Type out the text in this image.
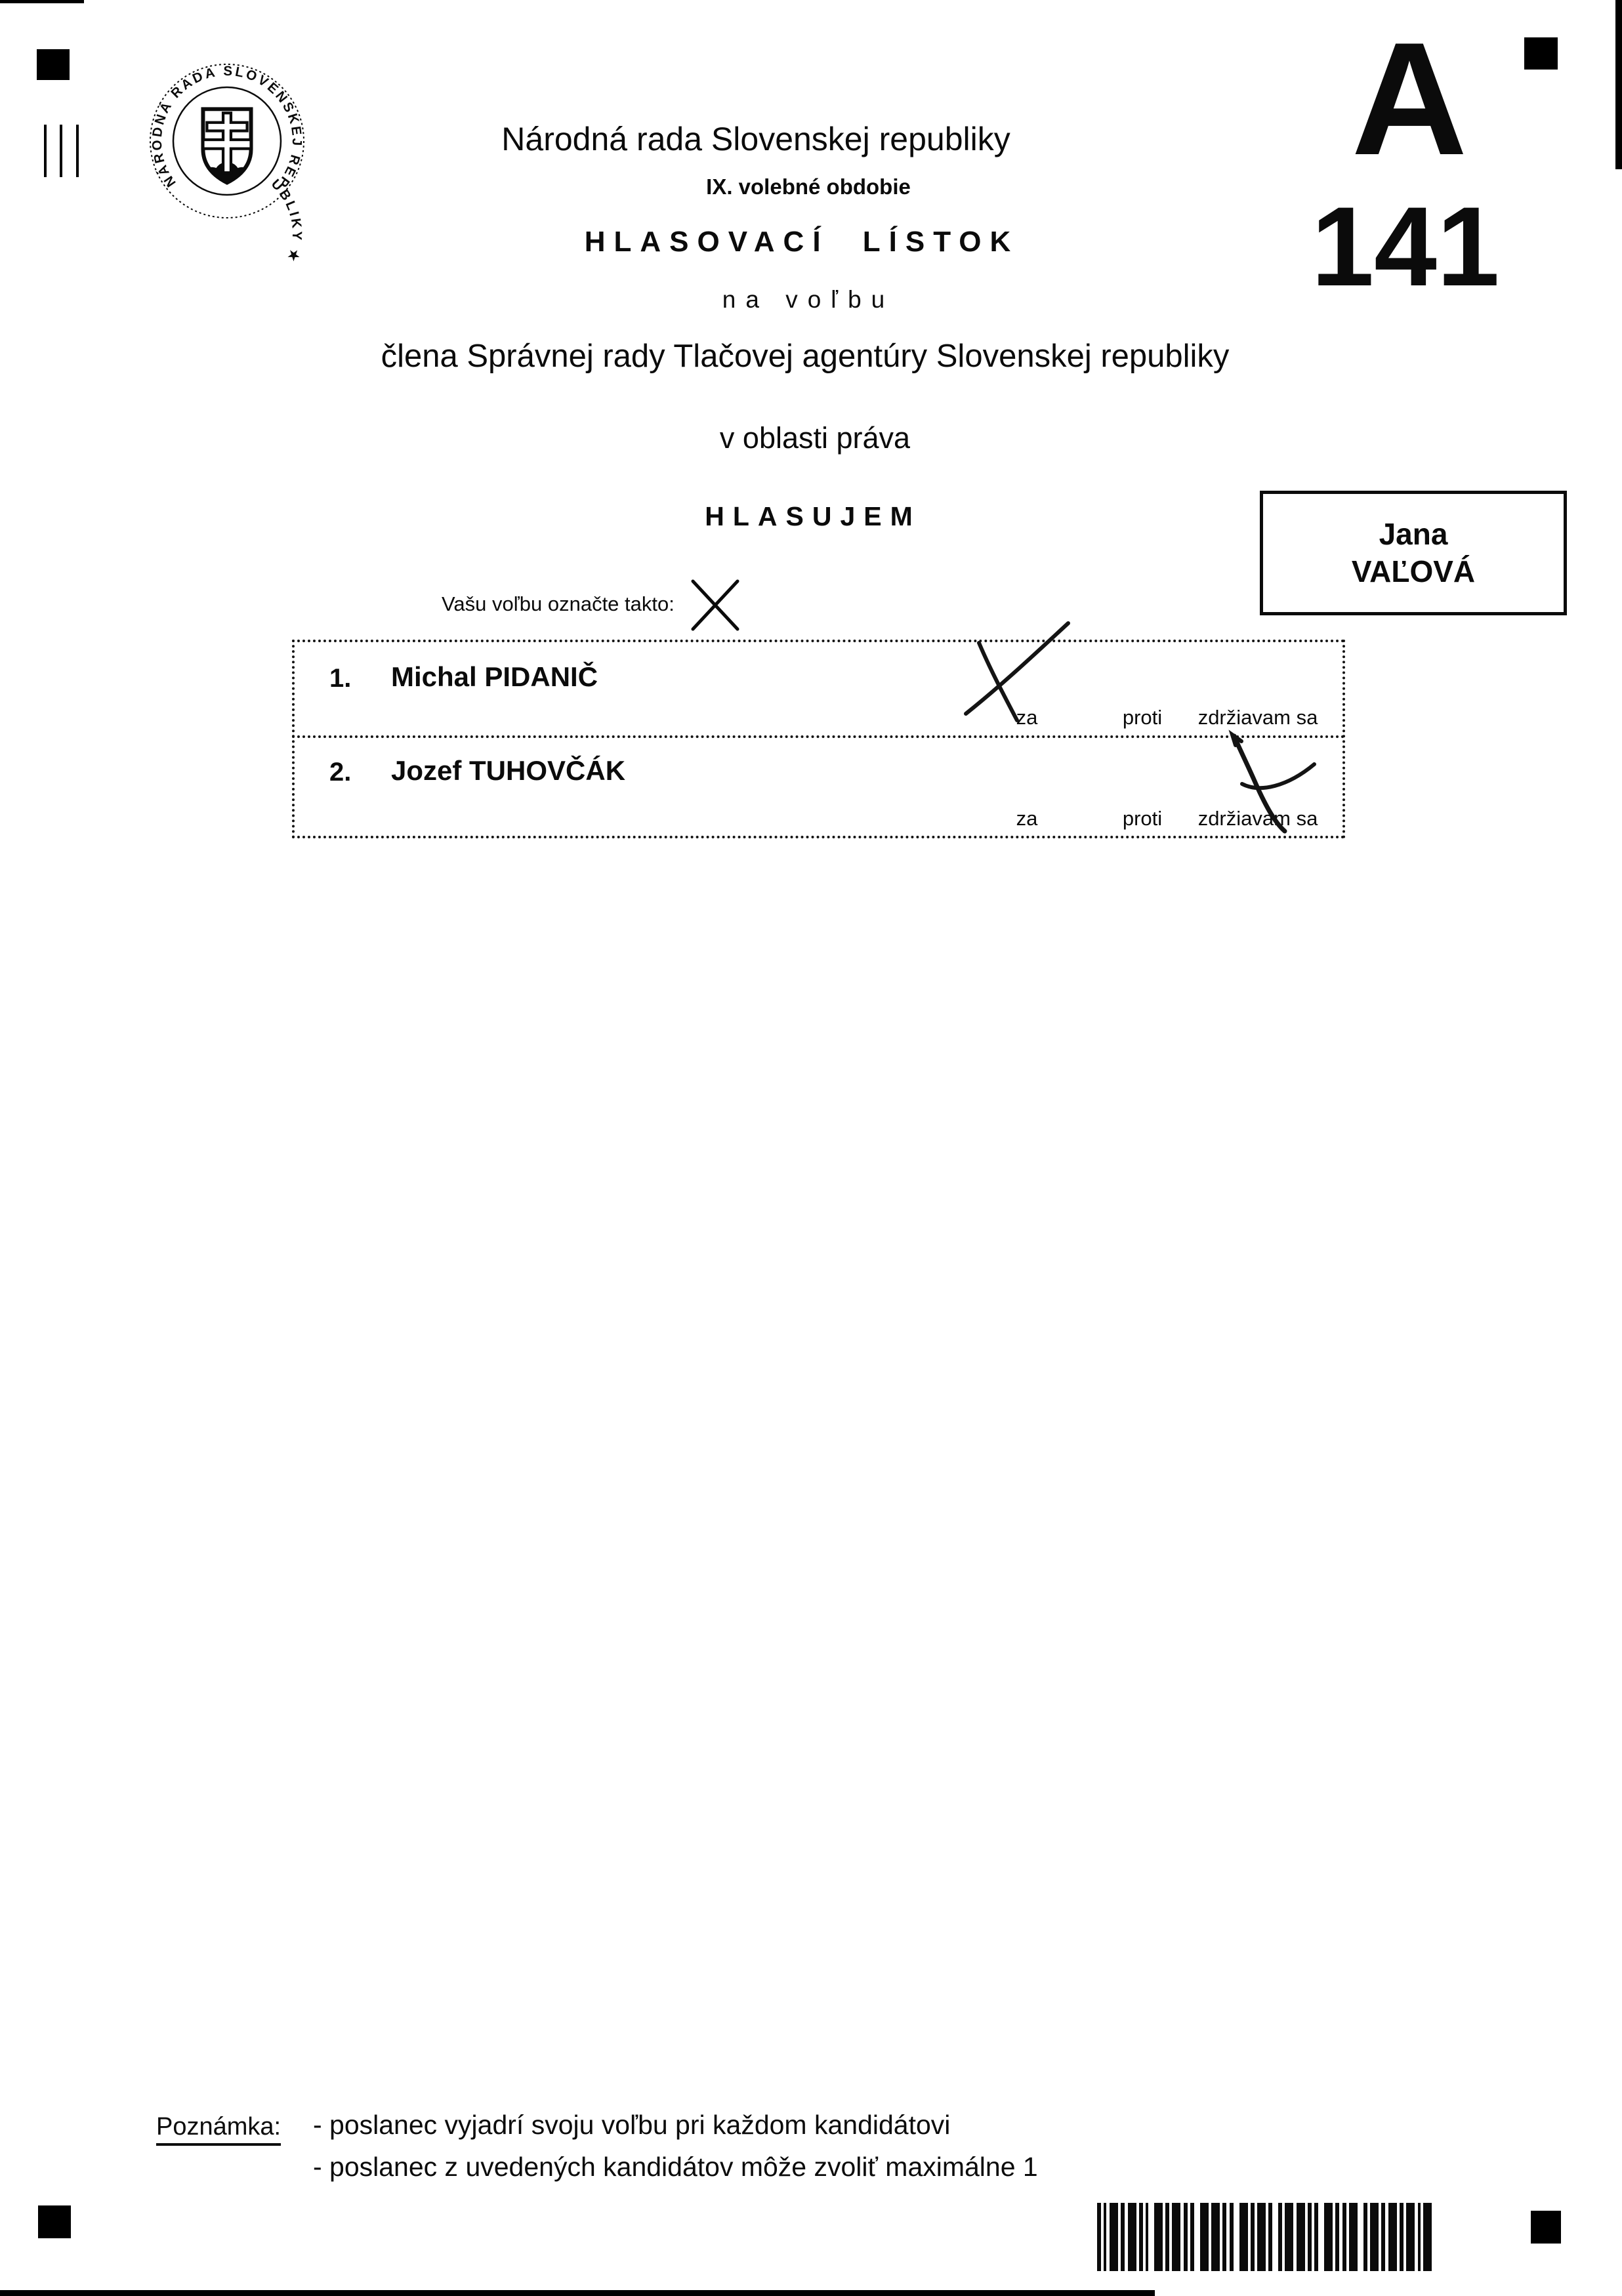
NÁRODNÁ RADA SLOVENSKEJ REPUBLIKY ★
Národná rada Slovenskej republiky
IX. volebné obdobie
HLASOVACÍ LÍSTOK
na voľbu
člena Správnej rady Tlačovej agentúry Slovenskej republiky
v oblasti práva
HLASUJEM
A
141
Jana
VAĽOVÁ
Vašu voľbu označte takto:
1. Michal PIDANIČ
za	proti zdržiavam sa
2. Jozef TUHOVČÁK
za	proti zdržiavam sa
Poznámka: - poslanec vyjadrí svoju voľbu pri každom kandidátovi
- poslanec z uvedených kandidátov môže zvoliť maximálne 1
